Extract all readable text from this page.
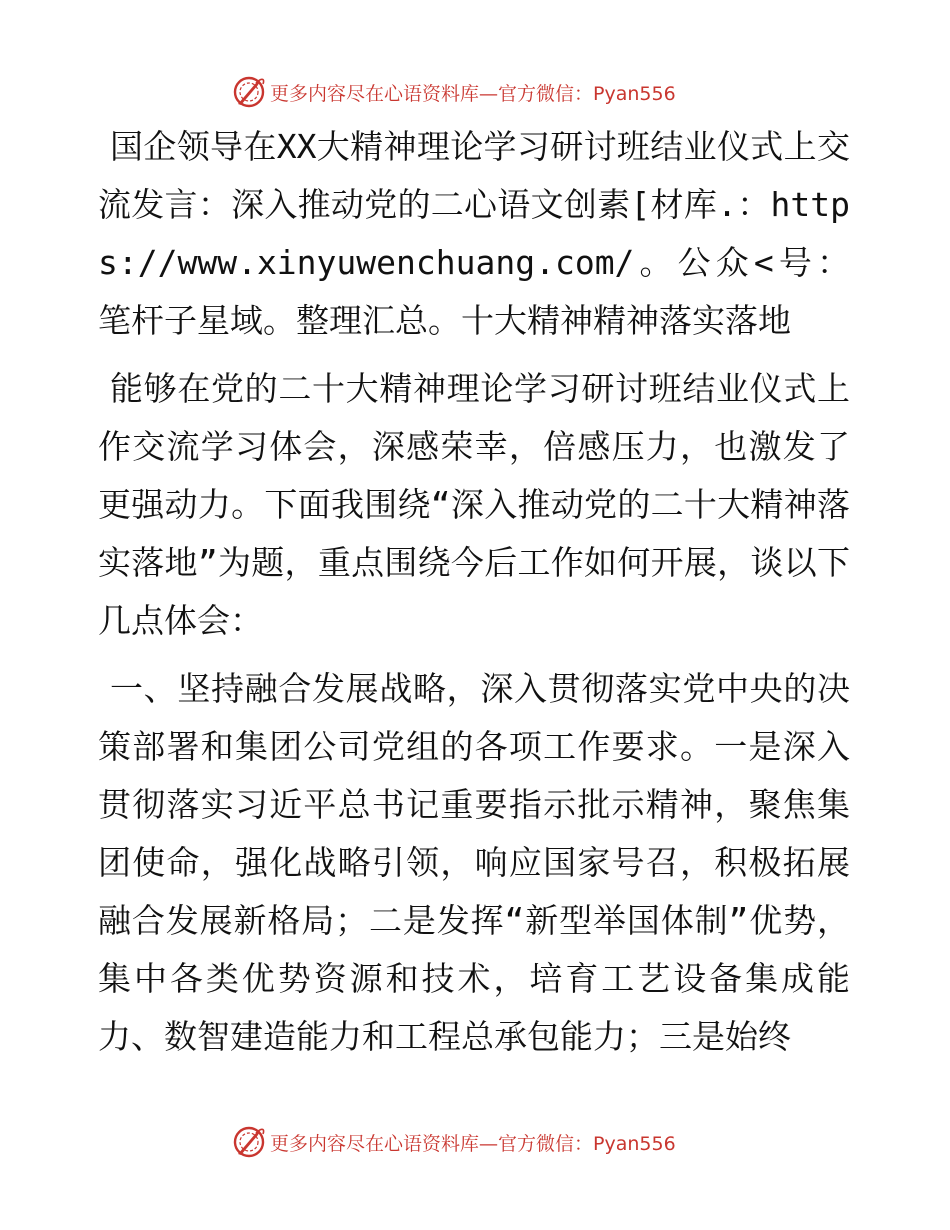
更多内容尽在心语资料库—官方微信：Pyan556

国企领导在XX大精神理论学习研讨班结业仪式上交流发言：深入推动党的二心语文创素[材库.：https://www.xinyuwenchuang.com/。公众<号：笔杆子星域。整理汇总。十大精神精神落实落地

能够在党的二十大精神理论学习研讨班结业仪式上作交流学习体会，深感荣幸，倍感压力，也激发了更强动力。下面我围绕“深入推动党的二十大精神落实落地”为题，重点围绕今后工作如何开展，谈以下几点体会：

一、坚持融合发展战略，深入贯彻落实党中央的决策部署和集团公司党组的各项工作要求。一是深入贯彻落实习近平总书记重要指示批示精神，聚焦集团使命，强化战略引领，响应国家号召，积极拓展融合发展新格局；二是发挥“新型举国体制”优势，集中各类优势资源和技术，培育工艺设备集成能力、数智建造能力和工程总承包能力；三是始终

更多内容尽在心语资料库—官方微信：Pyan556
